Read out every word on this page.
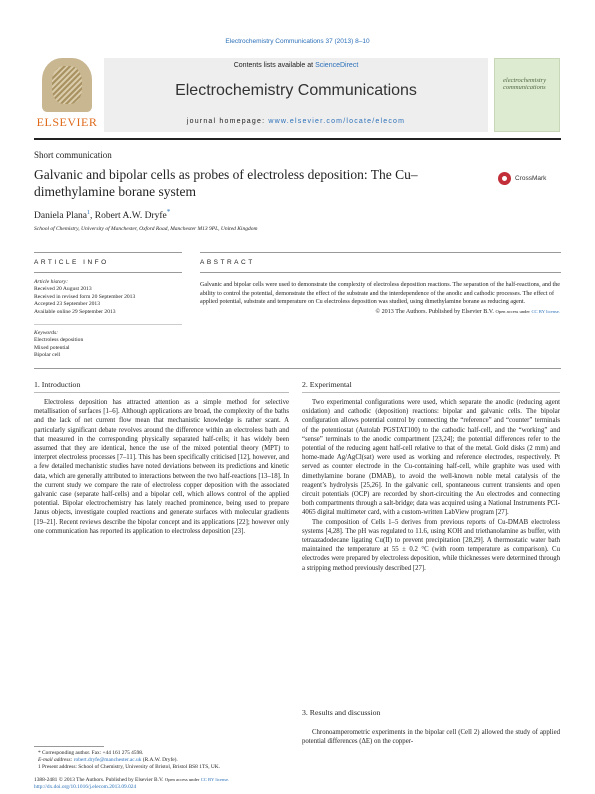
Electrochemistry Communications 37 (2013) 8–10
ELSEVIER
Contents lists available at ScienceDirect
Electrochemistry Communications
journal homepage: www.elsevier.com/locate/elecom
electrochemistry communications
Short communication
Galvanic and bipolar cells as probes of electroless deposition: The Cu–dimethylamine borane system
CrossMark
Daniela Plana$^1$, Robert A.W. Dryfe*
School of Chemistry, University of Manchester, Oxford Road, Manchester M13 9PL, United Kingdom
ARTICLE INFO	ABSTRACT
Article history:
Received 20 August 2013
Received in revised form 20 September 2013
Accepted 23 September 2013
Available online 29 September 2013
Keywords:
Electroless deposition
Mixed potential
Bipolar cell
Galvanic and bipolar cells were used to demonstrate the complexity of electroless deposition reactions. The separation of the half-reactions, and the ability to control the potential, demonstrate the effect of the substrate and the interdependence of the anodic and cathodic processes. The effect of applied potential, substrate and temperature on Cu electroless deposition was studied, using dimethylamine borane as reducing agent.
© 2013 The Authors. Published by Elsevier B.V. Open access under CC BY license.
1. Introduction

Electroless deposition has attracted attention as a simple method for selective metallisation of surfaces [1–6]. Although applications are broad, the complexity of the baths and the lack of net current flow mean that mechanistic knowledge is rather scant. A particularly significant debate revolves around the difference within an electroless bath and that measured in the corresponding physically separated half-cells; it has widely been assumed that they are identical, hence the use of the mixed potential theory (MPT) to interpret electroless processes [7–11]. This has been specifically criticised [12], however, and a few detailed mechanistic studies have noted deviations between its predictions and kinetic data, which are generally attributed to interactions between the two half-reactions [13–18]. In the current study we compare the rate of electroless copper deposition with the associated galvanic case (separate half-cells) and a bipolar cell, which allows control of the applied potential. Bipolar electrochemistry has lately reached prominence, being used to prepare Janus objects, investigate coupled reactions and generate surfaces with molecular gradients [19–21]. Recent reviews describe the bipolar concept and its applications [22]; however only one communication has reported its application to electroless deposition [23].

2. Experimental

Two experimental configurations were used, which separate the anodic (reducing agent oxidation) and cathodic (deposition) reactions: bipolar and galvanic cells. The bipolar configuration allows potential control by connecting the “reference” and “counter” terminals of the potentiostat (Autolab PGSTAT100) to the cathodic half-cell, and the “working” and “sense” terminals to the anodic compartment [23,24]; the potential differences refer to the potential of the reducing agent half-cell relative to that of the metal. Gold disks (2 mm) and home-made Ag/AgCl(sat) were used as working and reference electrodes, respectively. Pt served as counter electrode in the Cu-containing half-cell, while graphite was used with dimethylamine borane (DMAB), to avoid the well-known noble metal catalysis of the reagent’s hydrolysis [25,26]. In the galvanic cell, spontaneous current transients and open circuit potentials (OCP) are recorded by short-circuiting the Au electrodes and connecting both compartments through a salt-bridge; data was acquired using a National Instruments PCI-4065 digital multimeter card, with a custom-written LabView program [27].

The composition of Cells 1–5 derives from previous reports of Cu-DMAB electroless systems [4,28]. The pH was regulated to 11.6, using KOH and triethanolamine as buffer, with tetraazadodecane ligating Cu(II) to prevent precipitation [28,29]. A thermostatic water bath maintained the temperature at 55 ± 0.2 °C (with room temperature as comparison). Cu electrodes were prepared by electroless deposition, while thicknesses were determined through a stripping method previously described [27].

3. Results and discussion

Chronoamperometric experiments in the bipolar cell (Cell 2) allowed the study of applied potential differences (ΔE) on the copper-

* Corresponding author. Fax: +44 161 275 4598.
E-mail address: robert.dryfe@manchester.ac.uk (R.A.W. Dryfe).
1 Present address: School of Chemistry, University of Bristol, Bristol BS8 1TS, UK.
1388-2481 © 2013 The Authors. Published by Elsevier B.V. Open access under CC BY license.
http://dx.doi.org/10.1016/j.elecom.2013.09.024
